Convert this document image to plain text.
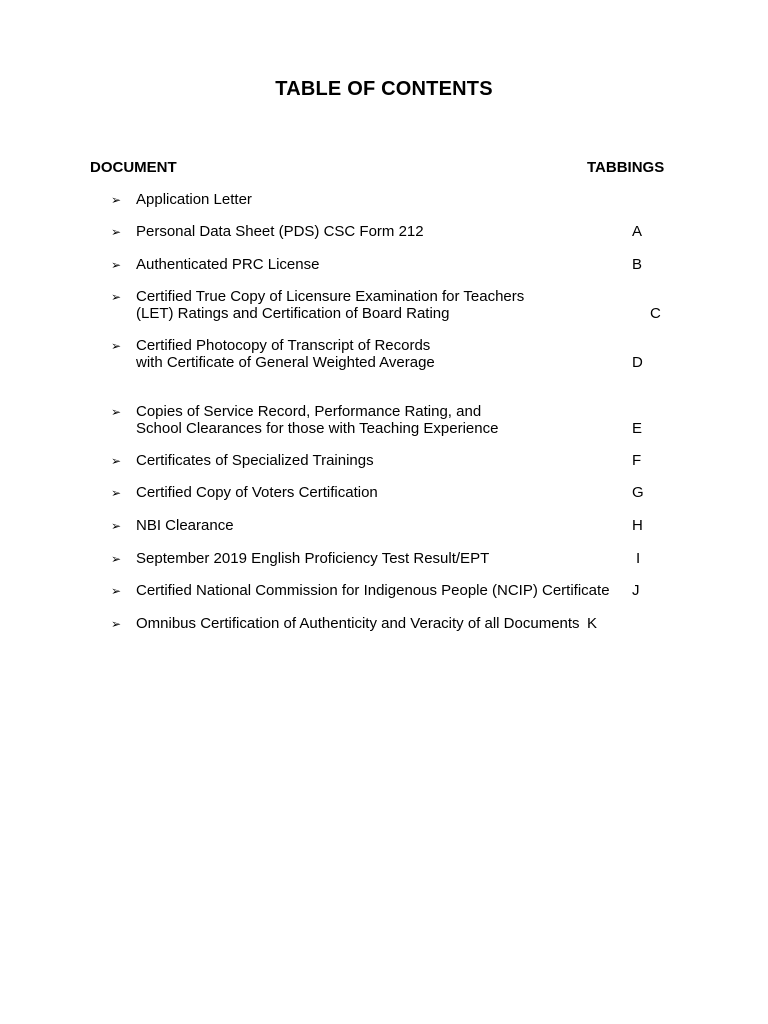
TABLE OF CONTENTS
DOCUMENT	TABBINGS
➢ Application Letter
➢ Personal Data Sheet (PDS) CSC Form 212	A
➢ Authenticated PRC License	B
➢ Certified True Copy of Licensure Examination for Teachers
(LET) Ratings and Certification of Board Rating	C
➢ Certified Photocopy of Transcript of Records
with Certificate of General Weighted Average	D
➢ Copies of Service Record, Performance Rating, and
School Clearances for those with Teaching Experience	E
➢ Certificates of Specialized Trainings	F
➢ Certified Copy of Voters Certification	G
➢ NBI Clearance	H
➢ September 2019 English Proficiency Test Result/EPT	I
➢ Certified National Commission for Indigenous People (NCIP) Certificate J
➢ Omnibus Certification of Authenticity and Veracity of all Documents K
